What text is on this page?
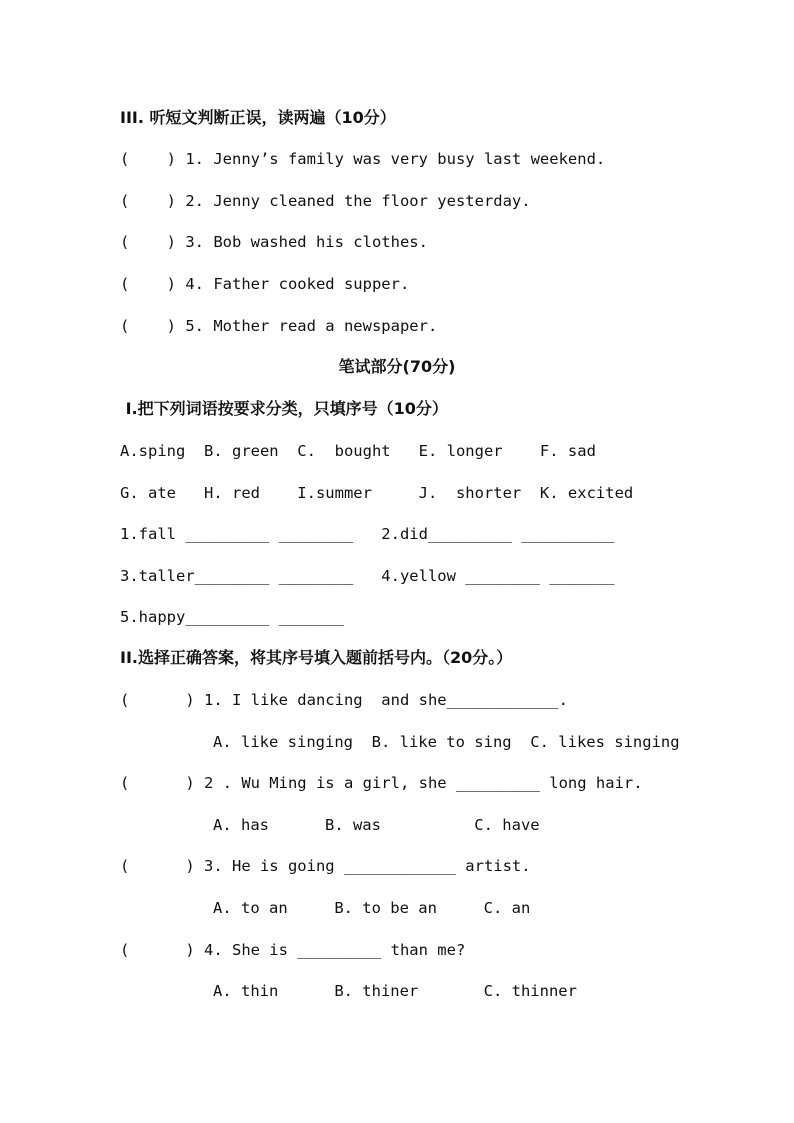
III. 听短文判断正误，读两遍（10分）
(    ) 1. Jenny’s family was very busy last weekend.
(    ) 2. Jenny cleaned the floor yesterday.
(    ) 3. Bob washed his clothes.
(    ) 4. Father cooked supper.
(    ) 5. Mother read a newspaper.
笔试部分(70分)
I.把下列词语按要求分类，只填序号（10分）
A.sping  B. green  C.  bought   E. longer    F. sad
G. ate   H. red    I.summer     J.  shorter  K. excited
1.fall _________ ________   2.did_________ __________
3.taller________ ________   4.yellow ________ _______
5.happy_________ _______
II.选择正确答案，将其序号填入题前括号内。（20分。）
(      ) 1. I like dancing  and she____________.
A. like singing  B. like to sing  C. likes singing
(      ) 2 . Wu Ming is a girl, she _________ long hair.
A. has      B. was          C. have
(      ) 3. He is going ____________ artist.
A. to an     B. to be an     C. an
(      ) 4. She is _________ than me?
A. thin      B. thiner       C. thinner
